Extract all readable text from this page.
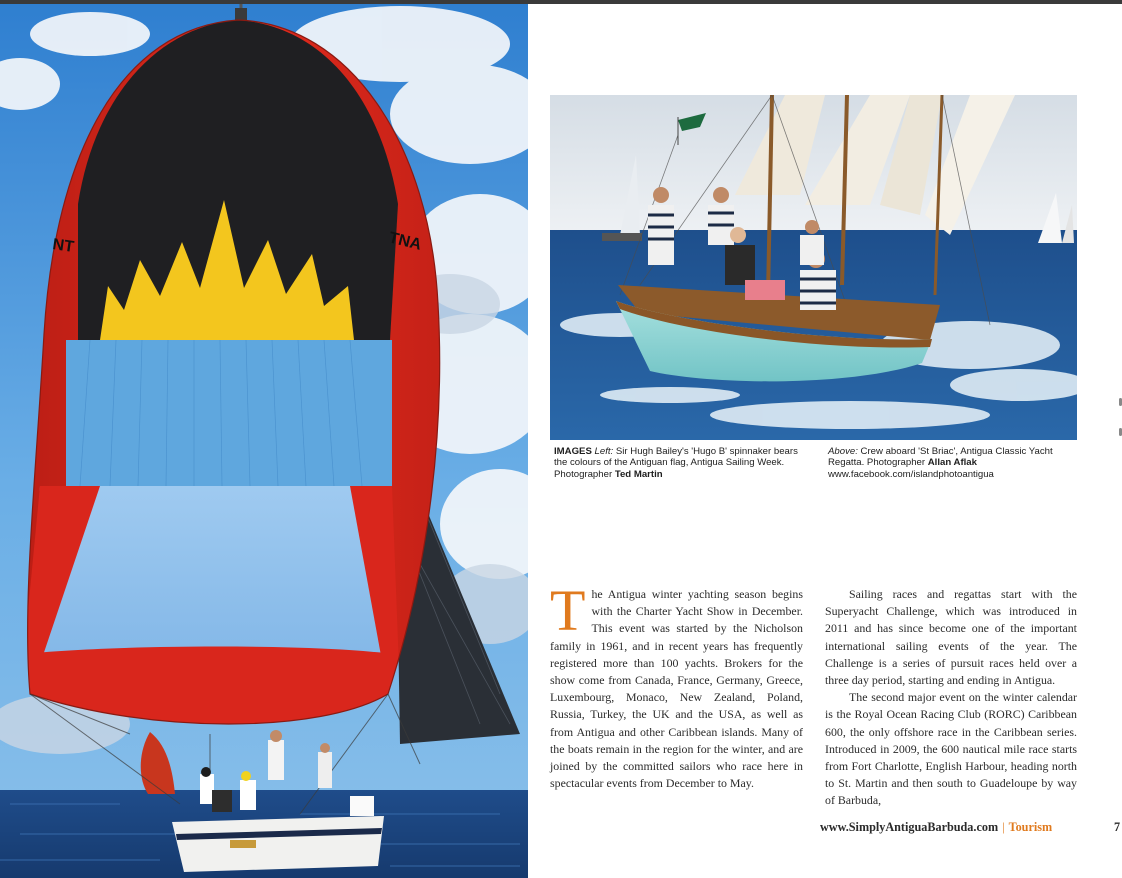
NT	TNA
IMAGES Left: Sir Hugh Bailey's 'Hugo B' spinnaker bears the colours of the Antiguan flag, Antigua Sailing Week. Photographer Ted Martin
Above: Crew aboard 'St Briac', Antigua Classic Yacht Regatta. Photographer Allan Aflak
www.facebook.com/islandphotoantigua

The Antigua winter yachting season begins with the Charter Yacht Show in December. This event was started by the Nicholson family in 1961, and in recent years has frequently registered more than 100 yachts. Brokers for the show come from Canada, France, Germany, Greece, Luxembourg, Monaco, New Zealand, Poland, Russia, Turkey, the UK and the USA, as well as from Antigua and other Caribbean islands. Many of the boats remain in the region for the winter, and are joined by the committed sailors who race here in spectacular events from December to May.

Sailing races and regattas start with the Superyacht Challenge, which was introduced in 2011 and has since become one of the important international sailing events of the year. The Challenge is a series of pursuit races held over a three day period, starting and ending in Antigua.

The second major event on the winter calendar is the Royal Ocean Racing Club (RORC) Caribbean 600, the only offshore race in the Caribbean series. Introduced in 2009, the 600 nautical mile race starts from Fort Charlotte, English Harbour, heading north to St. Martin and then south to Guadeloupe by way of Barbuda,

www.SimplyAntiguaBarbuda.com | Tourism	7
